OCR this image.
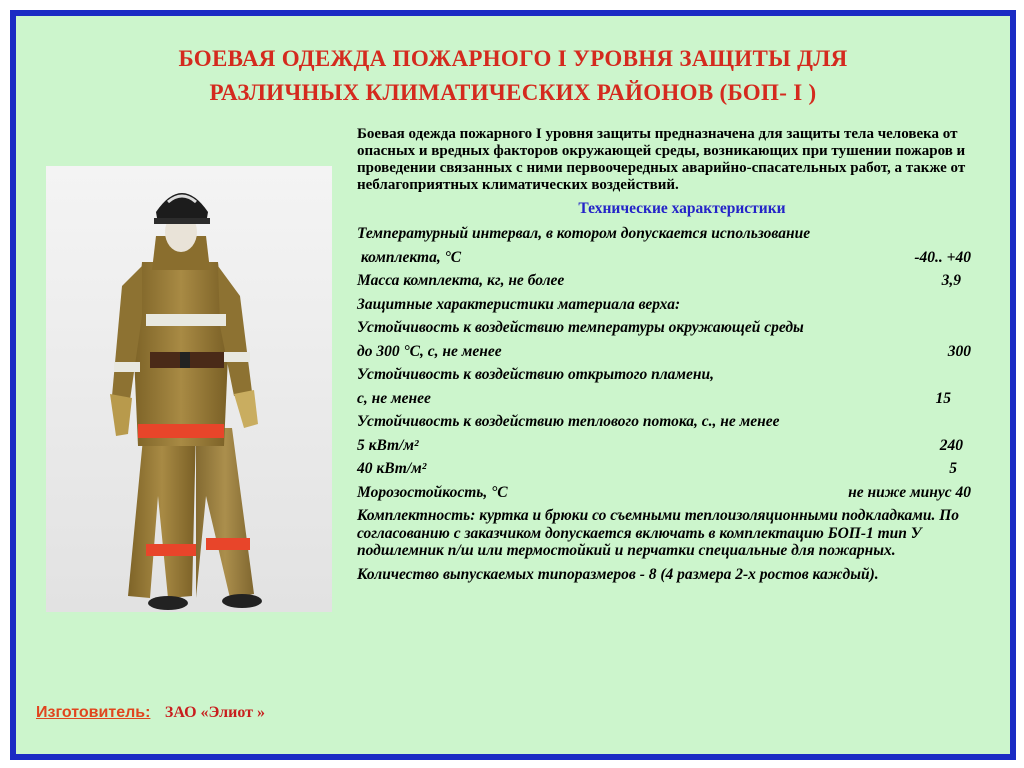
БОЕВАЯ ОДЕЖДА ПОЖАРНОГО I УРОВНЯ ЗАЩИТЫ ДЛЯ
РАЗЛИЧНЫХ КЛИМАТИЧЕСКИХ РАЙОНОВ (БОП- I )

Боевая одежда пожарного I уровня защиты предназначена для защиты тела человека от опасных и вредных факторов окружающей среды, возникающих при тушении пожаров и проведении связанных с ними первоочередных аварийно-спасательных работ, а также от неблагоприятных климатических воздействий.

Технические характеристики
Температурный интервал, в котором допускается использование
комплекта, °С	-40.. +40
Масса комплекта, кг, не более	3,9
Защитные характеристики материала верха:
Устойчивость к воздействию температуры окружающей среды
до 300 °С, с, не менее	300
Устойчивость к воздействию открытого пламени,
с, не менее	15
Устойчивость к воздействию теплового потока, с., не менее
5 кВт/м²	240
40 кВт/м²	5
Морозостойкость, °С	не ниже минус 40
Комплектность: куртка и брюки со съемными теплоизоляционными подкладками. По согласованию с заказчиком допускается включать в комплектацию БОП-1 тип У подшлемник п/ш или термостойкий и перчатки специальные для пожарных.
Количество выпускаемых типоразмеров - 8 (4 размера 2-х ростов каждый).
Изготовитель: ЗАО «Элиот »
